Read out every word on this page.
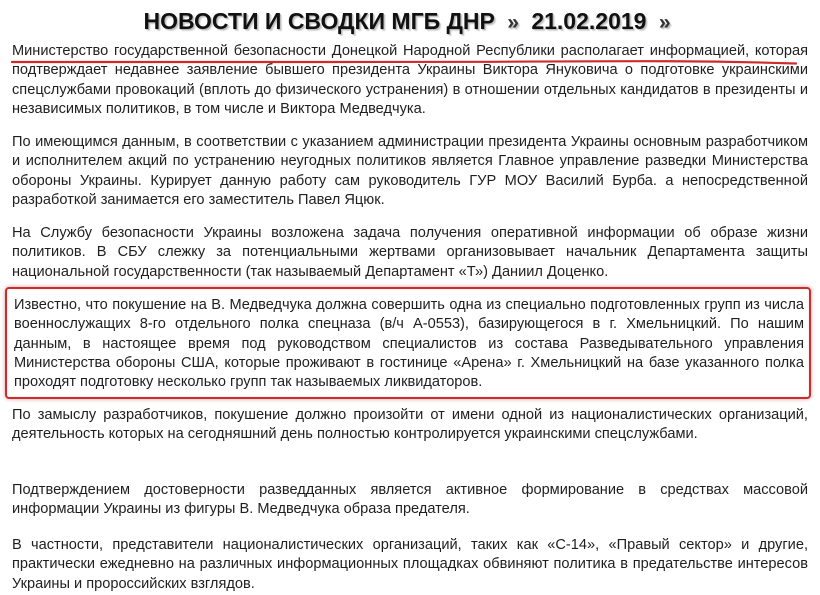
НОВОСТИ И СВОДКИ МГБ ДНР » 21.02.2019 »

Министерство государственной безопасности Донецкой Народной Республики располагает информацией, которая подтверждает недавнее заявление бывшего президента Украины Виктора Януковича о подготовке украинскими спецслужбами провокаций (вплоть до физического устранения) в отношении отдельных кандидатов в президенты и независимых политиков, в том числе и Виктора Медведчука.

По имеющимся данным, в соответствии с указанием администрации президента Украины основным разработчиком и исполнителем акций по устранению неугодных политиков является Главное управление разведки Министерства обороны Украины. Курирует данную работу сам руководитель ГУР МОУ Василий Бурба. а непосредственной разработкой занимается его заместитель Павел Яцюк.

На Службу безопасности Украины возложена задача получения оперативной информации об образе жизни политиков. В СБУ слежку за потенциальными жертвами организовывает начальник Департамента защиты национальной государственности (так называемый Департамент «Т») Даниил Доценко.

Известно, что покушение на В. Медведчука должна совершить одна из специально подготовленных групп из числа военнослужащих 8-го отдельного полка спецназа (в/ч А-0553), базирующегося в г. Хмельницкий. По нашим данным, в настоящее время под руководством специалистов из состава Разведывательного управления Министерства обороны США, которые проживают в гостинице «Арена» г. Хмельницкий на базе указанного полка проходят подготовку несколько групп так называемых ликвидаторов.

По замыслу разработчиков, покушение должно произойти от имени одной из националистических организаций, деятельность которых на сегодняшний день полностью контролируется украинскими спецслужбами.

Подтверждением достоверности разведданных является активное формирование в средствах массовой информации Украины из фигуры В. Медведчука образа предателя.

В частности, представители националистических организаций, таких как «С-14», «Правый сектор» и другие, практически ежедневно на различных информационных площадках обвиняют политика в предательстве интересов Украины и пророссийских взглядов.
